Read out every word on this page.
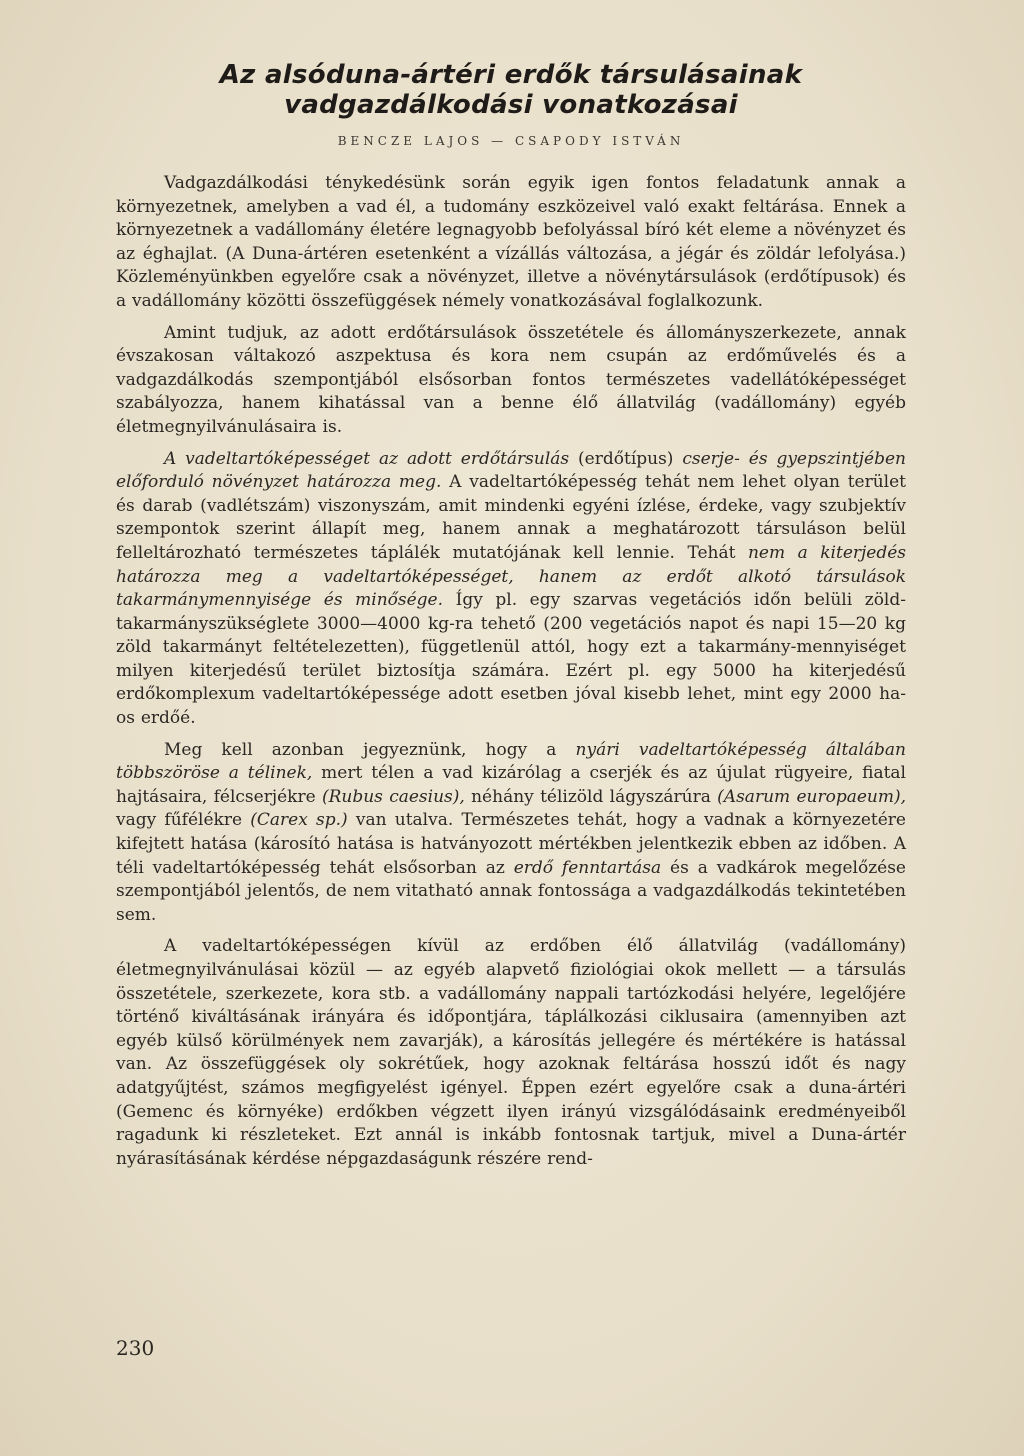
Az alsóduna-ártéri erdők társulásainak
vadgazdálkodási vonatkozásai
BENCZE LAJOS — CSAPODY ISTVÁN

Vadgazdálkodási ténykedésünk során egyik igen fontos feladatunk annak a környezetnek, amelyben a vad él, a tudomány eszközeivel való exakt feltárása. Ennek a környezetnek a vadállomány életére legnagyobb befolyással bíró két eleme a növényzet és az éghajlat. (A Duna-ártéren esetenként a vízállás változása, a jégár és zöldár lefolyása.) Közleményünkben egyelőre csak a növényzet, illetve a növénytársulások (erdőtípusok) és a vadállomány közötti összefüggések némely vonatkozásával foglalkozunk.

Amint tudjuk, az adott erdőtársulások összetétele és állományszerkezete, annak évszakosan váltakozó aszpektusa és kora nem csupán az erdőművelés és a vadgazdálkodás szempontjából elsősorban fontos természetes vadellátóképességet szabályozza, hanem kihatással van a benne élő állatvilág (vadállomány) egyéb életmegnyilvánulásaira is.

A vadeltartóképességet az adott erdőtársulás (erdőtípus) cserje- és gyepszintjében előforduló növényzet határozza meg. A vadeltartóképesség tehát nem lehet olyan terület és darab (vadlétszám) viszonyszám, amit mindenki egyéni ízlése, érdeke, vagy szubjektív szempontok szerint állapít meg, hanem annak a meghatározott társuláson belül felleltározható természetes táplálék mutatójának kell lennie. Tehát nem a kiterjedés határozza meg a vadeltartóképességet, hanem az erdőt alkotó társulások takarmánymennyisége és minősége. Így pl. egy szarvas vegetációs időn belüli zöld-takarmányszükséglete 3000—4000 kg-ra tehető (200 vegetációs napot és napi 15—20 kg zöld takarmányt feltételezetten), függetlenül attól, hogy ezt a takarmány-mennyiséget milyen kiterjedésű terület biztosítja számára. Ezért pl. egy 5000 ha kiterjedésű erdőkomplexum vadeltartóképessége adott esetben jóval kisebb lehet, mint egy 2000 ha-os erdőé.

Meg kell azonban jegyeznünk, hogy a nyári vadeltartóképesség általában többszöröse a télinek, mert télen a vad kizárólag a cserjék és az újulat rügyeire, fiatal hajtásaira, félcserjékre (Rubus caesius), néhány télizöld lágyszárúra (Asarum europaeum), vagy fűfélékre (Carex sp.) van utalva. Természetes tehát, hogy a vadnak a környezetére kifejtett hatása (károsító hatása is hatványozott mértékben jelentkezik ebben az időben. A téli vadeltartóképesség tehát elsősorban az erdő fenntartása és a vadkárok megelőzése szempontjából jelentős, de nem vitatható annak fontossága a vadgazdálkodás tekintetében sem.

A vadeltartóképességen kívül az erdőben élő állatvilág (vadállomány) életmegnyilvánulásai közül — az egyéb alapvető fiziológiai okok mellett — a társulás összetétele, szerkezete, kora stb. a vadállomány nappali tartózkodási helyére, legelőjére történő kiváltásának irányára és időpontjára, táplálkozási ciklusaira (amennyiben azt egyéb külső körülmények nem zavarják), a károsítás jellegére és mértékére is hatással van. Az összefüggések oly sokrétűek, hogy azoknak feltárása hosszú időt és nagy adatgyűjtést, számos megfigyelést igényel. Éppen ezért egyelőre csak a duna-ártéri (Gemenc és környéke) erdőkben végzett ilyen irányú vizsgálódásaink eredményeiből ragadunk ki részleteket. Ezt annál is inkább fontosnak tartjuk, mivel a Duna-ártér nyárasításának kérdése népgazdaságunk részére rend-

230
